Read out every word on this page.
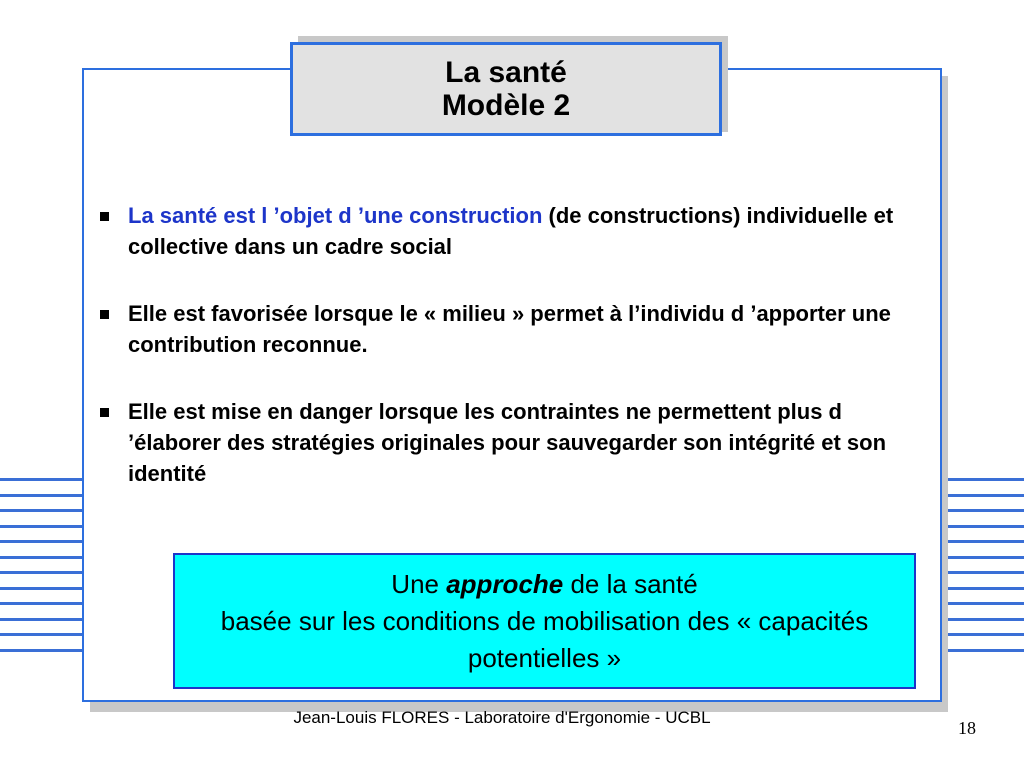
La santé
Modèle 2
La santé est l ’objet d ’une construction (de constructions) individuelle et collective dans un cadre social
Elle est favorisée lorsque le « milieu » permet à l’individu d ’apporter une contribution reconnue.
Elle est mise en danger lorsque les contraintes ne permettent plus d ’élaborer des stratégies originales pour sauvegarder son intégrité et son identité
Une approche de la santé
basée sur les conditions de mobilisation des « capacités potentielles »
Jean-Louis FLORES - Laboratoire d'Ergonomie - UCBL
18
